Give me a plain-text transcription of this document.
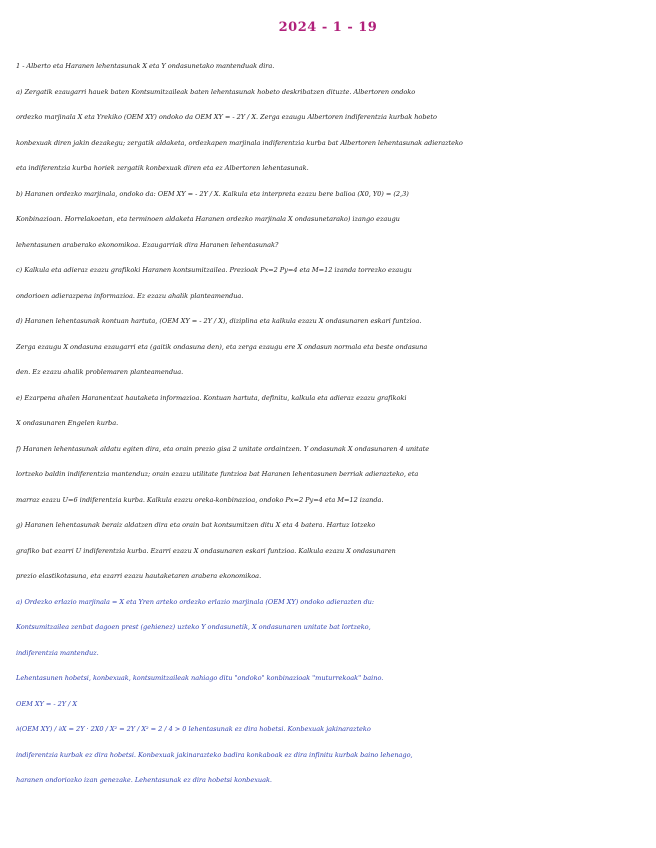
2024 - 1 - 19
1 - Alberto eta Haranen lehentasunak X eta Y ondasunetako mantenduak dira.
a) Zergatik ezaugarri hauek baten Kontsumitzaileak baten lehentasunak hobeto deskribatzen dituzte. Albertoren ondoko
ordezko marjinala X eta Yrekiko (OEM XY) ondoko da OEM XY = - 2Y / X. Zerga ezaugu Albertoren indiferentzia kurbak hobeto
konbexuak diren jakin dezakegu; zergatik aldaketa, ordezkapen marjinala indiferentzia kurba bat Albertoren lehentasunak adierazteko
eta indiferentzia kurba horiek zergatik konbexuak diren eta ez Albertoren lehentasunak.
b) Haranen ordezko marjinala, ondoko da: OEM XY = - 2Y / X. Kalkula eta interpreta ezazu bere balioa (X0, Y0) = (2,3)
Konbinazioan. Horrelakoetan, eta terminoen aldaketa Haranen ordezko marjinala X ondasunetarako) izango ezaugu
lehentasunen araberako ekonomikoa. Ezaugarriak dira Haranen lehentasunak?
c) Kalkula eta adieraz ezazu grafikoki Haranen kontsumitzailea. Prezioak Px=2 Py=4 eta M=12 izanda torrezko ezaugu
ondorioen adierazpena informazioa. Ez ezazu ahalik planteamendua.
d) Haranen lehentasunak kontuan hartuta, (OEM XY = - 2Y / X), diziplina eta kalkula ezazu X ondasunaren eskari funtzioa.
Zerga ezaugu X ondasuna ezaugarri eta (gaitik ondasuna den), eta zerga ezaugu ere X ondasun normala eta beste ondasuna
den. Ez ezazu ahalik problemaren planteamendua.
e) Ezarpena ahalen Haranentzat hautaketa informazioa. Kontuan hartuta, definitu, kalkula eta adieraz ezazu grafikoki
X ondasunaren Engelen kurba.
f) Haranen lehentasunak aldatu egiten dira, eta orain prezio gisa 2 unitate ordaintzen. Y ondasunak X ondasunaren 4 unitate
lortzeko baldin indiferentzia mantenduz; orain ezazu utilitate funtzioa bat Haranen lehentasunen berriak adierazteko, eta
marraz ezazu U=6 indiferentzia kurba. Kalkula ezazu oreka-konbinazioa, ondoko Px=2 Py=4 eta M=12 izanda.
g) Haranen lehentasunak beraiz aldatzen dira eta orain bat kontsumitzen ditu X eta 4 batera. Hartuz lotzeko
grafiko bat ezarri U indiferentzia kurba. Ezarri ezazu X ondasunaren eskari funtzioa. Kalkula ezazu X ondasunaren
prezio elastikotasuna, eta ezarri ezazu hautaketaren arabera ekonomikoa.
a) Ordezko erlazio marjinala = X eta Yren arteko ordezko erlazio marjinala (OEM XY) ondoko adierazten du:
Kontsumitzailea zenbat dagoen prest (gehienez) uzteko Y ondasunetik, X ondasunaren unitate bat lortzeko,
indiferentzia mantenduz.
Lehentasunen hobetsi, konbexuak, kontsumitzaileak nahiago ditu "ondoko" konbinazioak "muturrekoak" baino.
OEM XY = - 2Y / X
∂(OEM XY) / ∂X = 2Y · 2X0 / X² = 2Y / X² = 2 / 4 > 0 lehentasunak ez dira hobetsi. Konbexuak jakinarazteko
indiferentzia kurbak ez dira hobetsi. Konbexuak jakinarazteko badira konkaboak ez dira infinitu kurbak baino lehenago,
haranen ondoriozko izan genezake. Lehentasunak ez dira hobetsi konbexuak.
